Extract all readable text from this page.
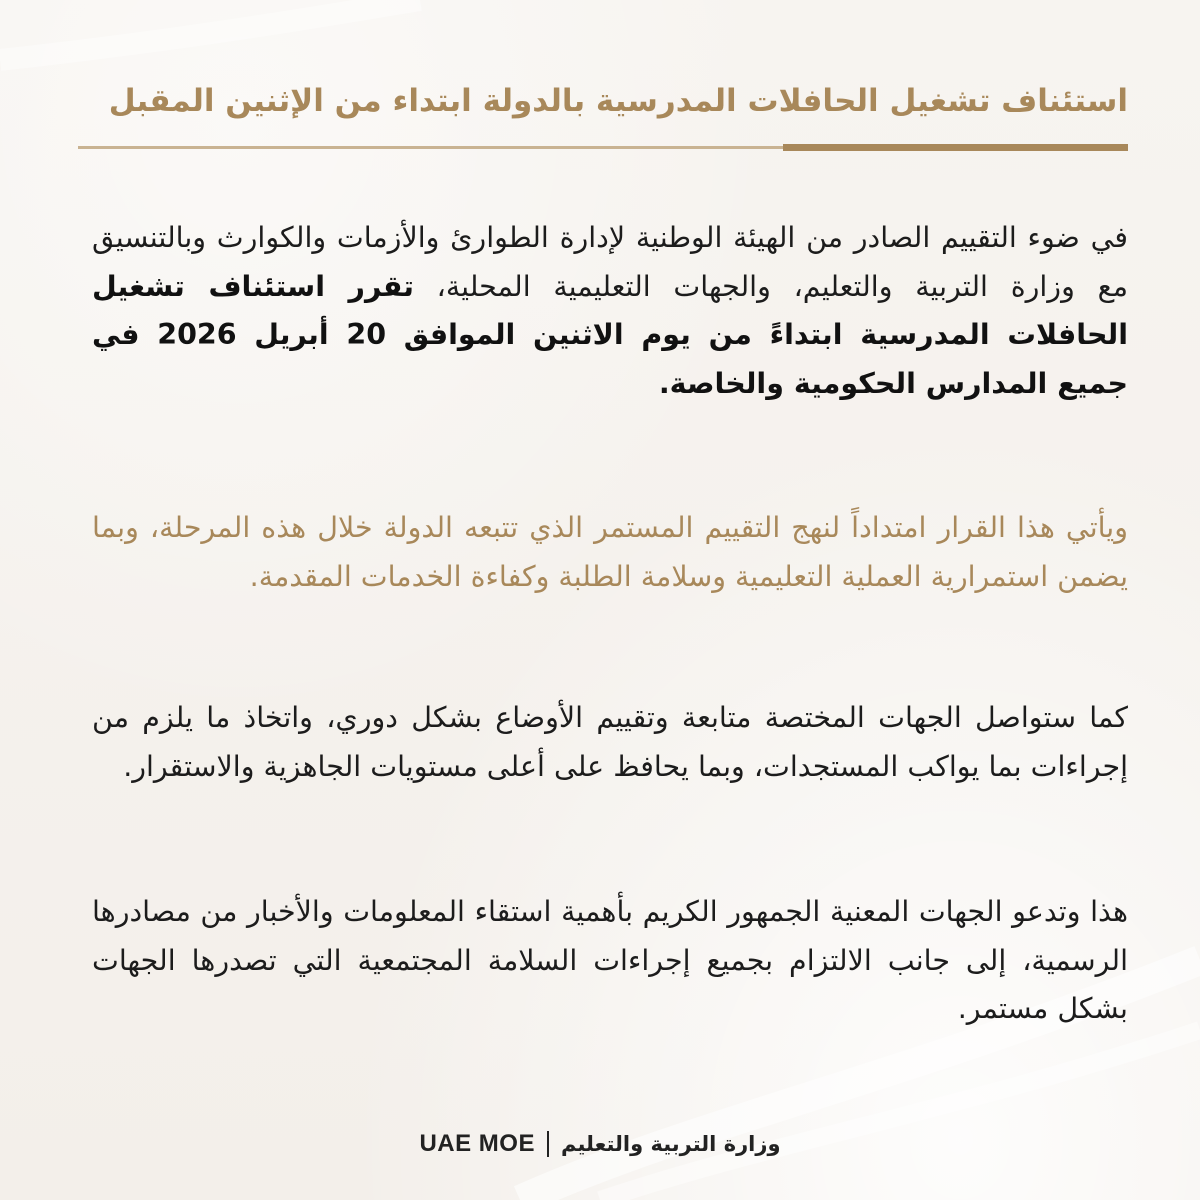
استئناف تشغيل الحافلات المدرسية بالدولة ابتداء من الإثنين المقبل
في ضوء التقييم الصادر من الهيئة الوطنية لإدارة الطوارئ والأزمات والكوارث وبالتنسيق مع وزارة التربية والتعليم، والجهات التعليمية المحلية، تقرر استئناف تشغيل الحافلات المدرسية ابتداءً من يوم الاثنين الموافق 20 أبريل 2026 في جميع المدارس الحكومية والخاصة.
ويأتي هذا القرار امتداداً لنهج التقييم المستمر الذي تتبعه الدولة خلال هذه المرحلة، وبما يضمن استمرارية العملية التعليمية وسلامة الطلبة وكفاءة الخدمات المقدمة.
كما ستواصل الجهات المختصة متابعة وتقييم الأوضاع بشكل دوري، واتخاذ ما يلزم من إجراءات بما يواكب المستجدات، وبما يحافظ على أعلى مستويات الجاهزية والاستقرار.
هذا وتدعو الجهات المعنية الجمهور الكريم بأهمية استقاء المعلومات والأخبار من مصادرها الرسمية، إلى جانب الالتزام بجميع إجراءات السلامة المجتمعية التي تصدرها الجهات بشكل مستمر.
UAE MOE وزارة التربية والتعليم
